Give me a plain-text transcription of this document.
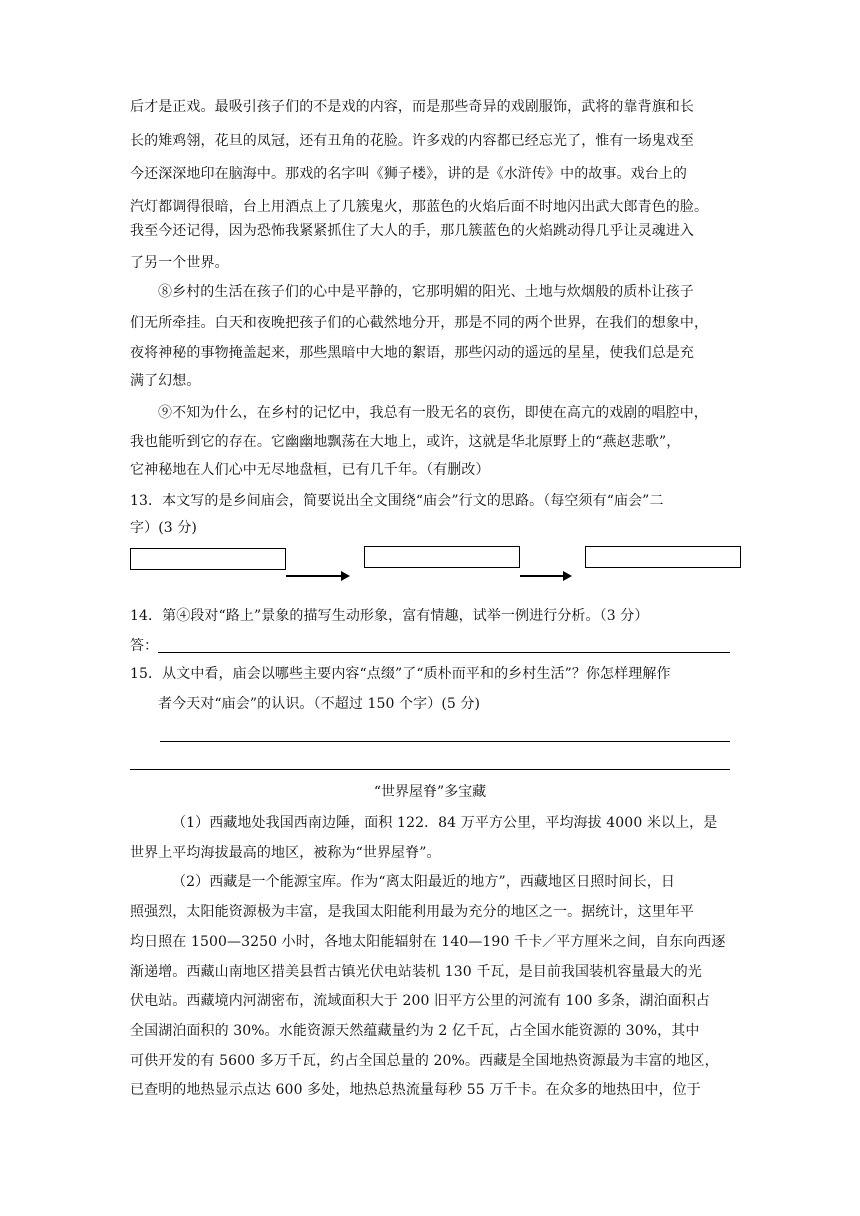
后才是正戏。最吸引孩子们的不是戏的内容，而是那些奇异的戏剧服饰，武将的靠背旗和长
长的雉鸡翎，花旦的凤冠，还有丑角的花脸。许多戏的内容都已经忘光了，惟有一场鬼戏至
今还深深地印在脑海中。那戏的名字叫《狮子楼》，讲的是《水浒传》中的故事。戏台上的
汽灯都调得很暗，台上用酒点上了几簇鬼火，那蓝色的火焰后面不时地闪出武大郎青色的脸。
我至今还记得，因为恐怖我紧紧抓住了大人的手，那几簇蓝色的火焰跳动得几乎让灵魂进入
了另一个世界。
⑧乡村的生活在孩子们的心中是平静的，它那明媚的阳光、土地与炊烟般的质朴让孩子
们无所牵挂。白天和夜晚把孩子们的心截然地分开，那是不同的两个世界，在我们的想象中，
夜将神秘的事物掩盖起来，那些黑暗中大地的絮语，那些闪动的遥远的星星，使我们总是充
满了幻想。
⑨不知为什么，在乡村的记忆中，我总有一股无名的哀伤，即使在高亢的戏剧的唱腔中，
我也能听到它的存在。它幽幽地飘荡在大地上，或许，这就是华北原野上的“燕赵悲歌”，
它神秘地在人们心中无尽地盘桓，已有几千年。（有删改）
13．本文写的是乡间庙会，简要说出全文围绕“庙会”行文的思路。（每空须有“庙会”二
字）(3 分)
14．第④段对“路上”景象的描写生动形象，富有情趣，试举一例进行分析。（3 分）
答：
15．从文中看，庙会以哪些主要内容“点缀”了“质朴而平和的乡村生活”？你怎样理解作
者今天对“庙会”的认识。（不超过 150 个字）(5 分)
“世界屋脊”多宝藏
（1）西藏地处我国西南边陲，面积 122．84 万平方公里，平均海拔 4000 米以上，是
世界上平均海拔最高的地区，被称为“世界屋脊”。
（2）西藏是一个能源宝库。作为“离太阳最近的地方”，西藏地区日照时间长，日
照强烈，太阳能资源极为丰富，是我国太阳能利用最为充分的地区之一。据统计，这里年平
均日照在 1500—3250 小时，各地太阳能辐射在 140—190 千卡／平方厘米之间，自东向西逐
渐递增。西藏山南地区措美县哲古镇光伏电站装机 130 千瓦，是目前我国装机容量最大的光
伏电站。西藏境内河湖密布，流域面积大于 200 旧平方公里的河流有 100 多条，湖泊面积占
全国湖泊面积的 30%。水能资源天然蕴藏量约为 2 亿千瓦，占全国水能资源的 30%，其中
可供开发的有 5600 多万千瓦，约占全国总量的 20%。西藏是全国地热资源最为丰富的地区，
已查明的地热显示点达 600 多处，地热总热流量每秒 55 万千卡。在众多的地热田中，位于
